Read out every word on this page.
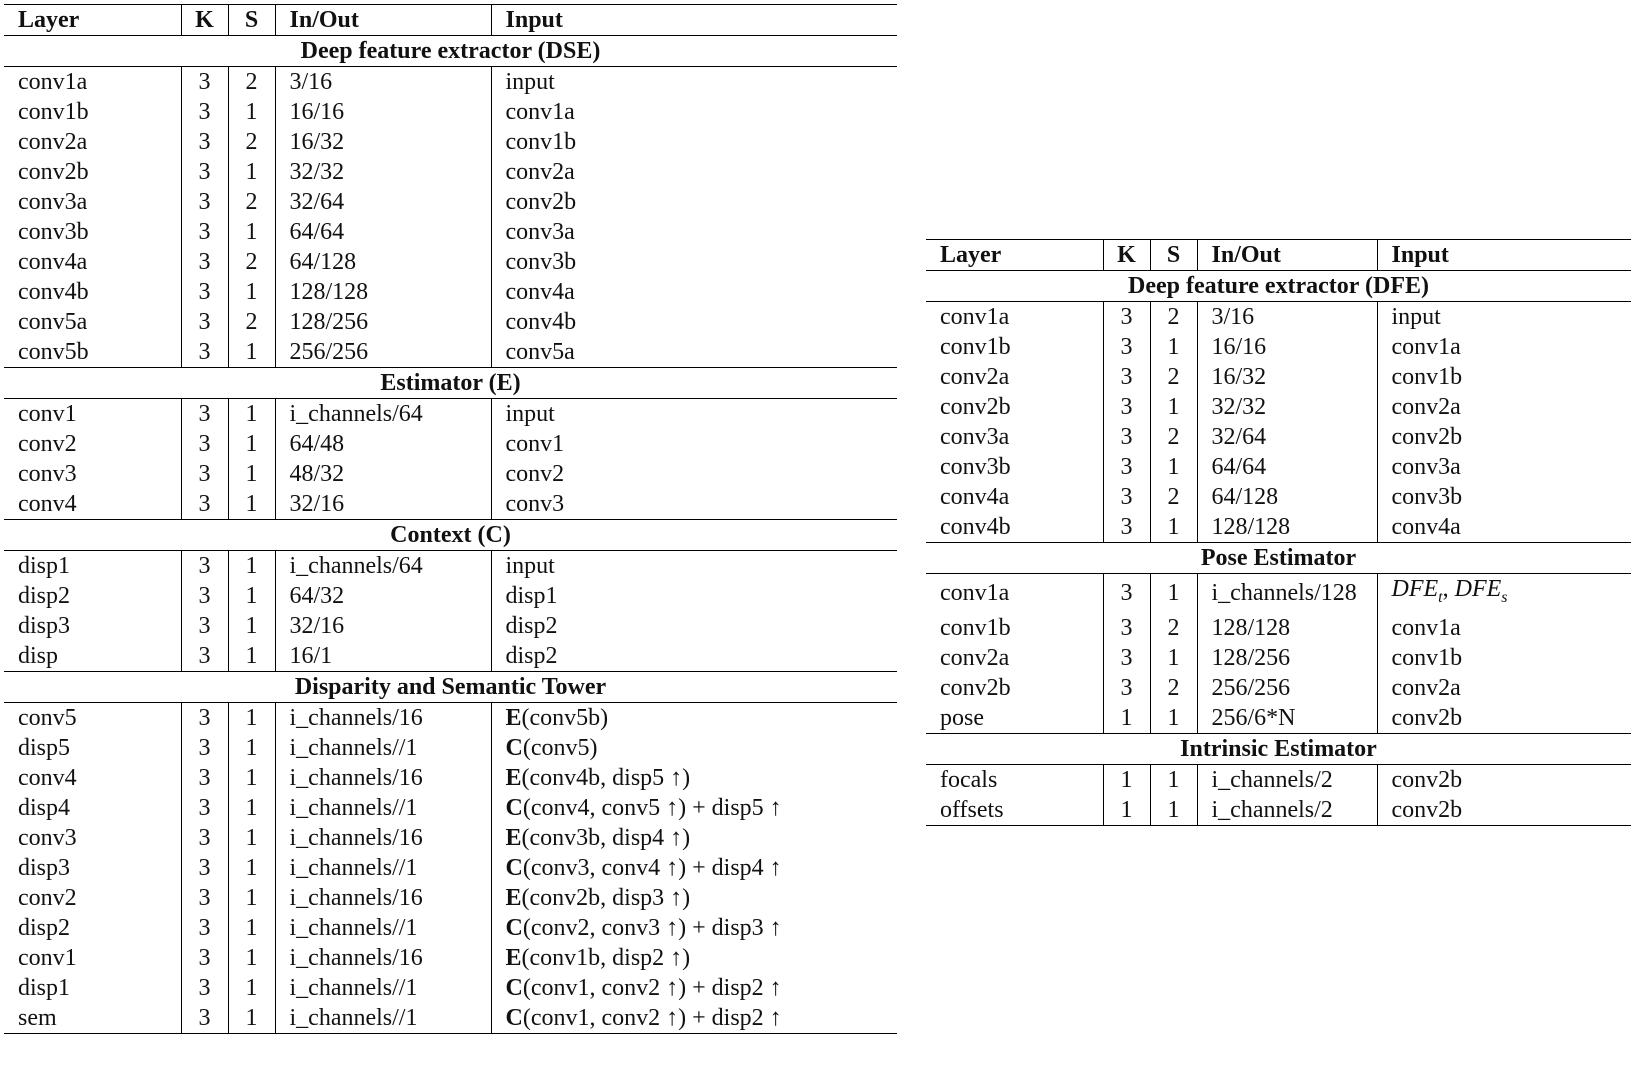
Layer	K	S	In/Out	Input
Deep feature extractor (DSE)				
conv1a	3	2	3/16	input
conv1b	3	1	16/16	conv1a
conv2a	3	2	16/32	conv1b
conv2b	3	1	32/32	conv2a
conv3a	3	2	32/64	conv2b
conv3b	3	1	64/64	conv3a
conv4a	3	2	64/128	conv3b
conv4b	3	1	128/128	conv4a
conv5a	3	2	128/256	conv4b
conv5b	3	1	256/256	conv5a
Estimator (E)				
conv1	3	1	i_channels/64	input
conv2	3	1	64/48	conv1
conv3	3	1	48/32	conv2
conv4	3	1	32/16	conv3
Context (C)				
disp1	3	1	i_channels/64	input
disp2	3	1	64/32	disp1
disp3	3	1	32/16	disp2
disp	3	1	16/1	disp2
Disparity and Semantic Tower				
conv5	3	1	i_channels/16	E(conv5b)
disp5	3	1	i_channels//1	C(conv5)
conv4	3	1	i_channels/16	E(conv4b, disp5 ↑)
disp4	3	1	i_channels//1	C(conv4, conv5 ↑) + disp5 ↑
conv3	3	1	i_channels/16	E(conv3b, disp4 ↑)
disp3	3	1	i_channels//1	C(conv3, conv4 ↑) + disp4 ↑
conv2	3	1	i_channels/16	E(conv2b, disp3 ↑)
disp2	3	1	i_channels//1	C(conv2, conv3 ↑) + disp3 ↑
conv1	3	1	i_channels/16	E(conv1b, disp2 ↑)
disp1	3	1	i_channels//1	C(conv1, conv2 ↑) + disp2 ↑
sem	3	1	i_channels//1	C(conv1, conv2 ↑) + disp2 ↑
Layer	K	S	In/Out	Input
Deep feature extractor (DFE)				
conv1a	3	2	3/16	input
conv1b	3	1	16/16	conv1a
conv2a	3	2	16/32	conv1b
conv2b	3	1	32/32	conv2a
conv3a	3	2	32/64	conv2b
conv3b	3	1	64/64	conv3a
conv4a	3	2	64/128	conv3b
conv4b	3	1	128/128	conv4a
Pose Estimator				
conv1a	3	1	i_channels/128	$DFE_t$, $DFE_s$
conv1b	3	2	128/128	conv1a
conv2a	3	1	128/256	conv1b
conv2b	3	2	256/256	conv2a
pose	1	1	256/6*N	conv2b
Intrinsic Estimator				
focals	1	1	i_channels/2	conv2b
offsets	1	1	i_channels/2	conv2b
